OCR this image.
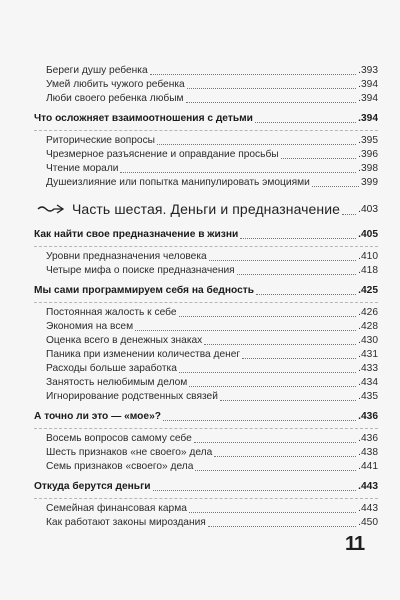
Береги душу ребенка	.393
Умей любить чужого ребенка	.394
Люби своего ребенка любым	.394
Что осложняет взаимоотношения с детьми	.394
Риторические вопросы	.395
Чрезмерное разъяснение и оправдание просьбы	.396
Чтение морали	.398
Душеизлияние или попытка манипулировать эмоциями	399
Часть шестая. Деньги и предназначение .403
Как найти свое предназначение в жизни	.405
Уровни предназначения человека	.410
Четыре мифа о поиске предназначения	.418
Мы сами программируем себя на бедность	.425
Постоянная жалость к себе	.426
Экономия на всем	.428
Оценка всего в денежных знаках	.430
Паника при изменении количества денег	.431
Расходы больше заработка	.433
Занятость нелюбимым делом	.434
Игнорирование родственных связей	.435
А точно ли это — «мое»?	.436
Восемь вопросов самому себе	.436
Шесть признаков «не своего» дела	.438
Семь признаков «своего» дела	.441
Откуда берутся деньги	.443
Семейная финансовая карма	.443
Как работают законы мироздания	.450
11
